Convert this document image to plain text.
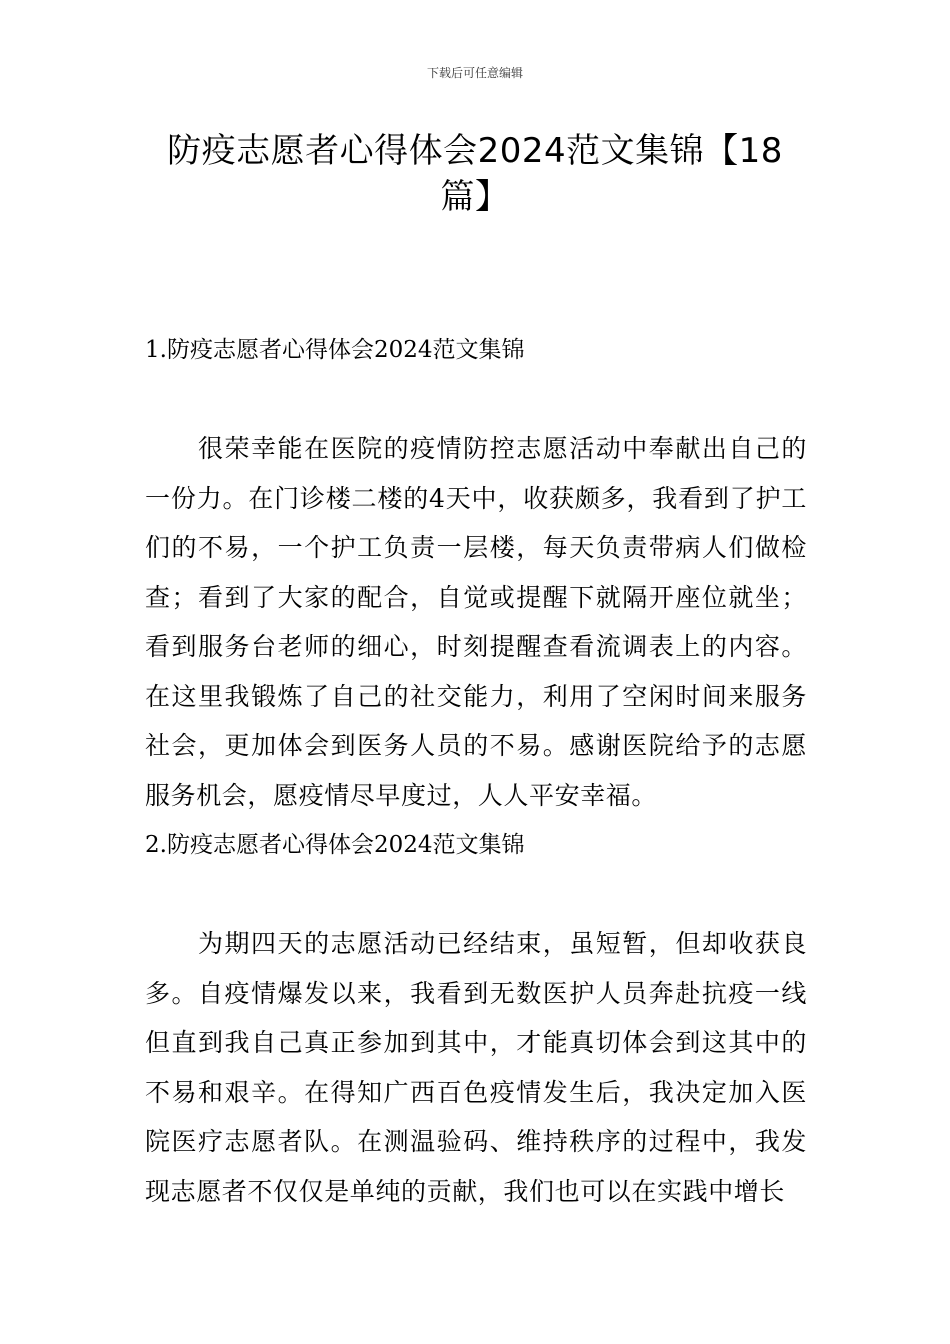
下载后可任意编辑
防疫志愿者心得体会2024范文集锦【18篇】
1.防疫志愿者心得体会2024范文集锦

很荣幸能在医院的疫情防控志愿活动中奉献出自己的一份力。在门诊楼二楼的4天中，收获颇多，我看到了护工们的不易，一个护工负责一层楼，每天负责带病人们做检查；看到了大家的配合，自觉或提醒下就隔开座位就坐；看到服务台老师的细心，时刻提醒查看流调表上的内容。在这里我锻炼了自己的社交能力，利用了空闲时间来服务社会，更加体会到医务人员的不易。感谢医院给予的志愿服务机会，愿疫情尽早度过，人人平安幸福。

2.防疫志愿者心得体会2024范文集锦

为期四天的志愿活动已经结束，虽短暂，但却收获良多。自疫情爆发以来，我看到无数医护人员奔赴抗疫一线但直到我自己真正参加到其中，才能真切体会到这其中的不易和艰辛。在得知广西百色疫情发生后，我决定加入医院医疗志愿者队。在测温验码、维持秩序的过程中，我发现志愿者不仅仅是单纯的贡献，我们也可以在实践中增长
